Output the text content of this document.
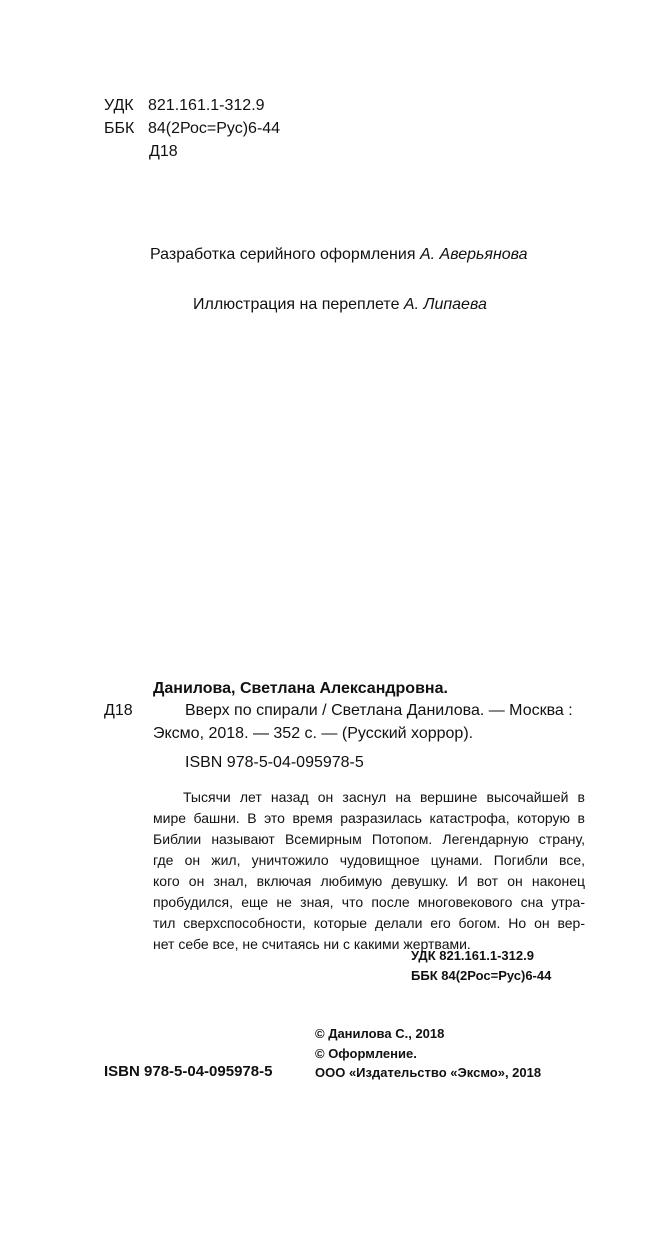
УДК 821.161.1-312.9
ББК 84(2Рос=Рус)6-44
Д18
Разработка серийного оформления А. Аверьянова
Иллюстрация на переплете А. Липаева
Данилова, Светлана Александровна.
Д18	Вверх по спирали / Светлана Данилова. — Москва :
Эксмо, 2018. — 352 с. — (Русский хоррор).
ISBN 978-5-04-095978-5

Тысячи лет назад он заснул на вершине высочайшей в
мире башни. В это время разразилась катастрофа, которую в
Библии называют Всемирным Потопом. Легендарную страну,
где он жил, уничтожило чудовищное цунами. Погибли все,
кого он знал, включая любимую девушку. И вот он наконец
пробудился, еще не зная, что после многовекового сна утра-
тил сверхспособности, которые делали его богом. Но он вер-
нет себе все, не считаясь ни с какими жертвами.

УДК 821.161.1-312.9
ББК 84(2Рос=Рус)6-44
© Данилова С., 2018
© Оформление.
ООО «Издательство «Эксмо», 2018
ISBN 978-5-04-095978-5
